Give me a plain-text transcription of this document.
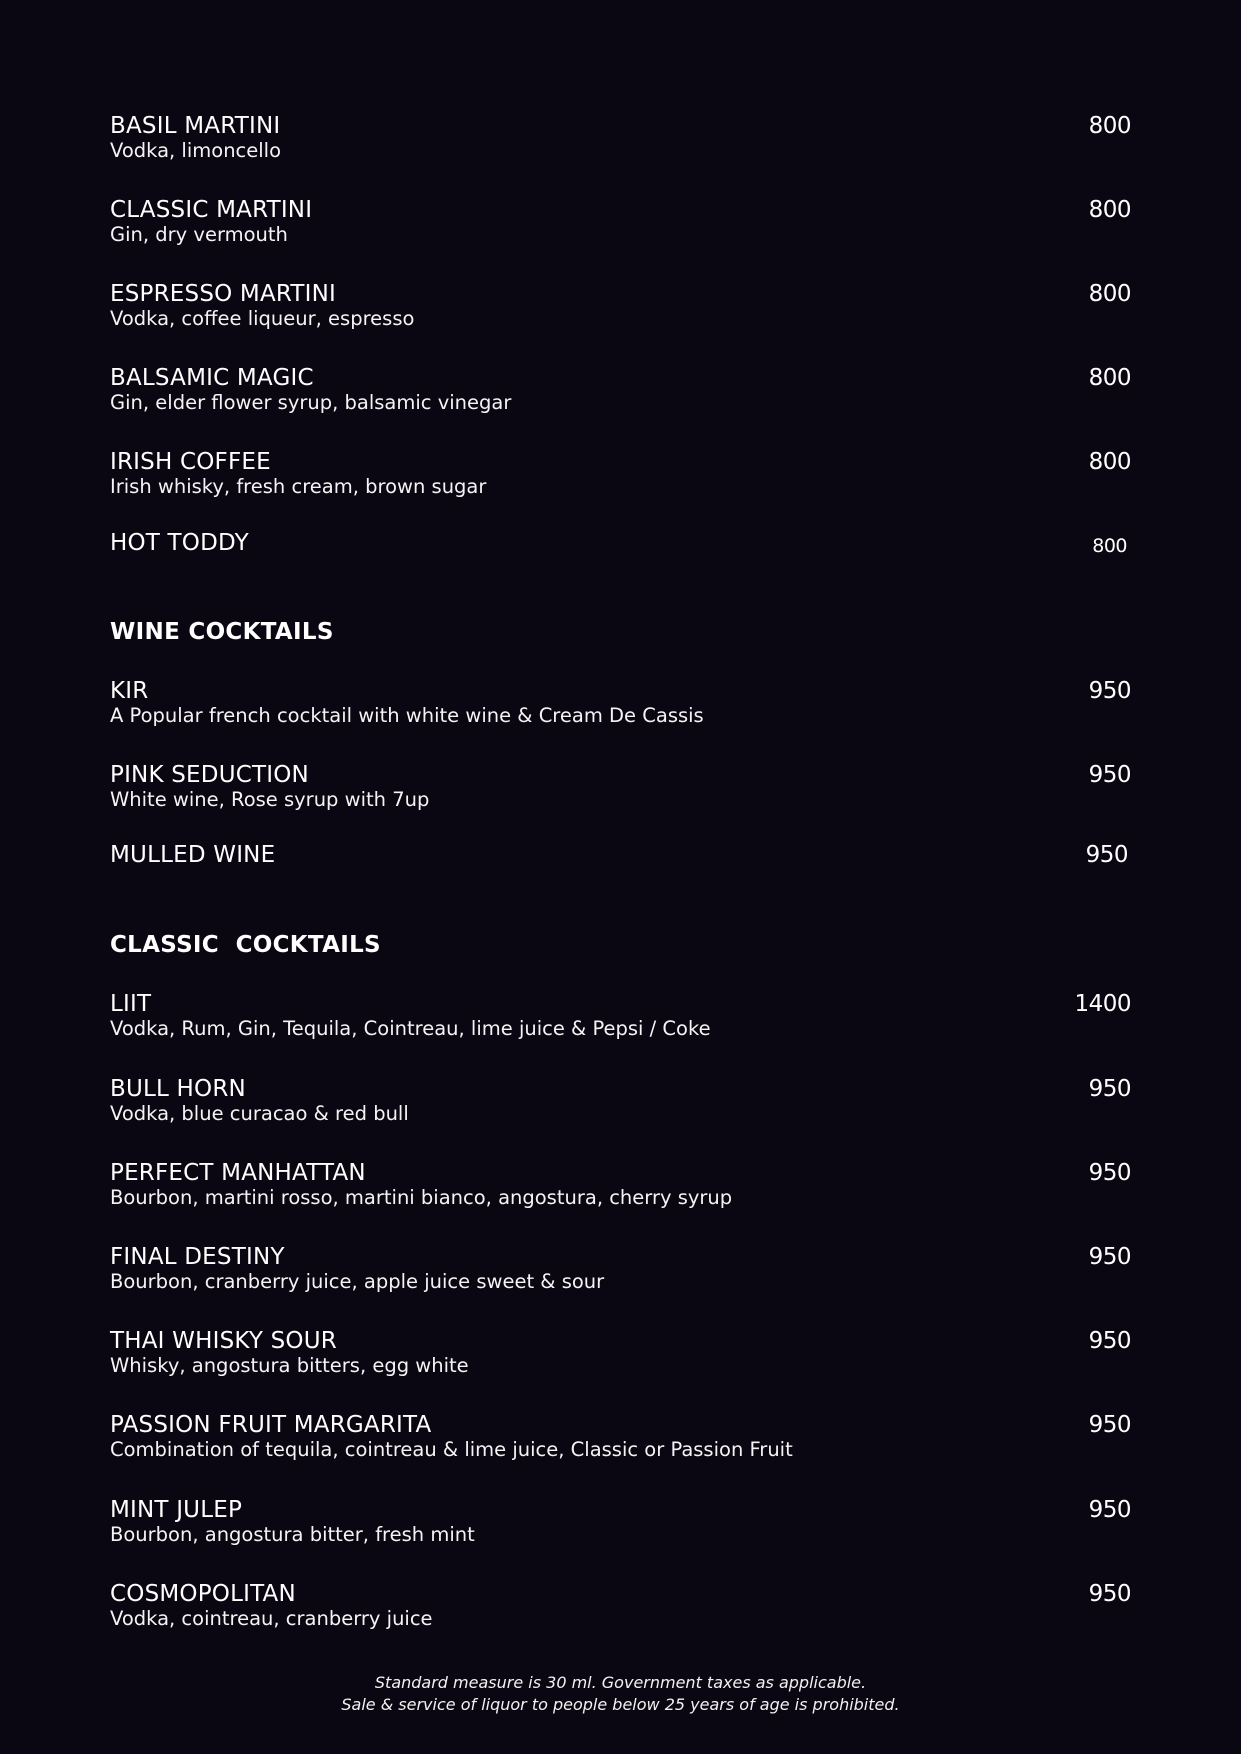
BASIL MARTINI
Vodka, limoncello
800
CLASSIC MARTINI
Gin, dry vermouth
800
ESPRESSO MARTINI
Vodka, coffee liqueur, espresso
800
BALSAMIC MAGIC
Gin, elder flower syrup, balsamic vinegar
800
IRISH COFFEE
Irish whisky, fresh cream, brown sugar
800
HOT TODDY	800
WINE COCKTAILS
KIR
A Popular french cocktail with white wine & Cream De Cassis
950
PINK SEDUCTION
White wine, Rose syrup with 7up
950
MULLED WINE	950
CLASSIC  COCKTAILS
LIIT
Vodka, Rum, Gin, Tequila, Cointreau, lime juice & Pepsi / Coke
1400
BULL HORN
Vodka, blue curacao & red bull
950
PERFECT MANHATTAN
Bourbon, martini rosso, martini bianco, angostura, cherry syrup
950
FINAL DESTINY
Bourbon, cranberry juice, apple juice sweet & sour
950
THAI WHISKY SOUR
Whisky, angostura bitters, egg white
950
PASSION FRUIT MARGARITA
Combination of tequila, cointreau & lime juice, Classic or Passion Fruit
950
MINT JULEP
Bourbon, angostura bitter, fresh mint
950
COSMOPOLITAN
Vodka, cointreau, cranberry juice
950
Standard measure is 30 ml. Government taxes as applicable.
Sale & service of liquor to people below 25 years of age is prohibited.
